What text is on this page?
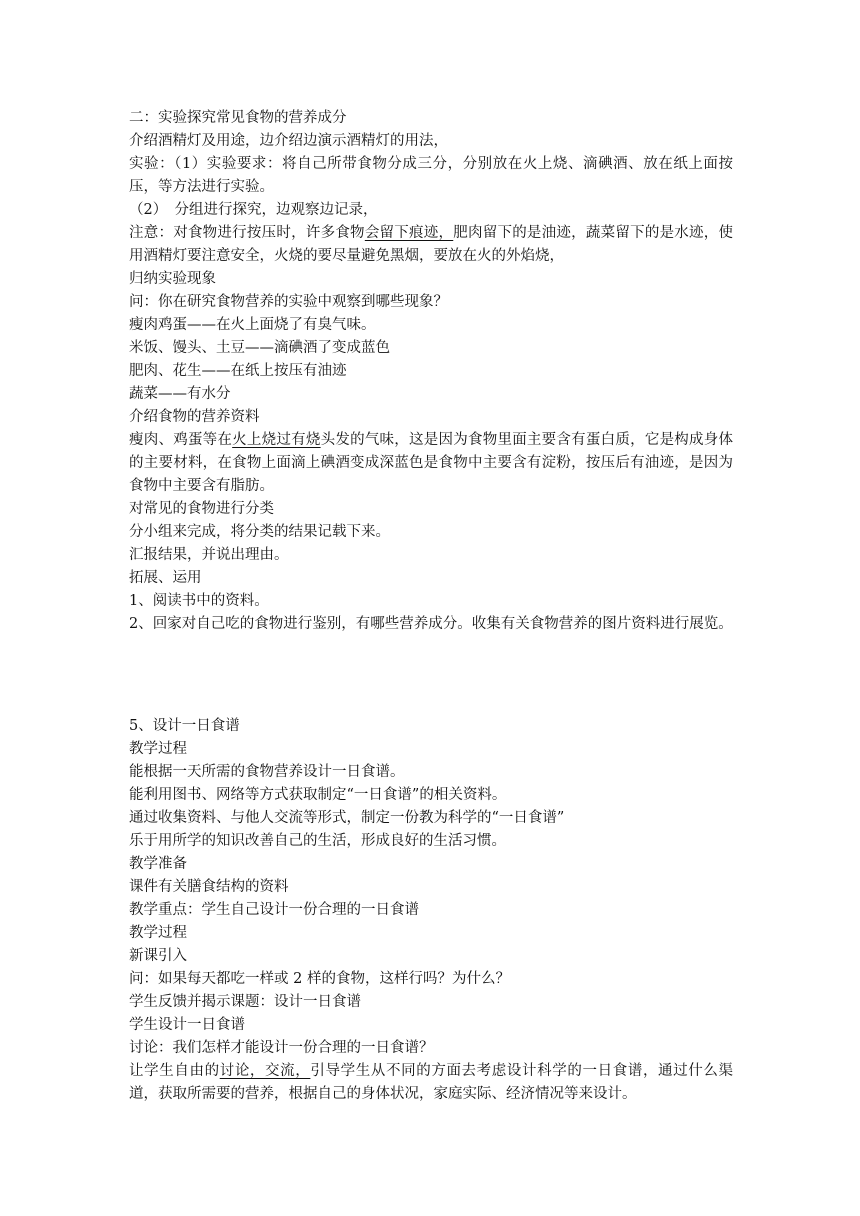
二：实验探究常见食物的营养成分
介绍酒精灯及用途，边介绍边演示酒精灯的用法，
实验：（1）实验要求：将自己所带食物分成三分，分别放在火上烧、滴碘酒、放在纸上面按压，等方法进行实验。
（2）　分组进行探究，边观察边记录，
注意：对食物进行按压时，许多食物会留下痕迹，肥肉留下的是油迹，蔬菜留下的是水迹，使用酒精灯要注意安全，火烧的要尽量避免黑烟，要放在火的外焰烧，
归纳实验现象
问：你在研究食物营养的实验中观察到哪些现象？
瘦肉鸡蛋——在火上面烧了有臭气味。
米饭、馒头、土豆——滴碘酒了变成蓝色
肥肉、花生——在纸上按压有油迹
蔬菜——有水分
介绍食物的营养资料
瘦肉、鸡蛋等在火上烧过有烧头发的气味，这是因为食物里面主要含有蛋白质，它是构成身体的主要材料，在食物上面滴上碘酒变成深蓝色是食物中主要含有淀粉，按压后有油迹，是因为食物中主要含有脂肪。
对常见的食物进行分类
分小组来完成，将分类的结果记载下来。
汇报结果，并说出理由。
拓展、运用
1、阅读书中的资料。
2、回家对自己吃的食物进行鉴别，有哪些营养成分。收集有关食物营养的图片资料进行展览。
5、设计一日食谱
教学过程
能根据一天所需的食物营养设计一日食谱。
能利用图书、网络等方式获取制定“一日食谱”的相关资料。
通过收集资料、与他人交流等形式，制定一份教为科学的“一日食谱”
乐于用所学的知识改善自己的生活，形成良好的生活习惯。
教学准备
课件有关膳食结构的资料
教学重点：学生自己设计一份合理的一日食谱
教学过程
新课引入
问：如果每天都吃一样或 2 样的食物，这样行吗？为什么？
学生反馈并揭示课题：设计一日食谱
学生设计一日食谱
讨论：我们怎样才能设计一份合理的一日食谱？
让学生自由的讨论，交流，引导学生从不同的方面去考虑设计科学的一日食谱，通过什么渠道，获取所需要的营养，根据自己的身体状况，家庭实际、经济情况等来设计。
